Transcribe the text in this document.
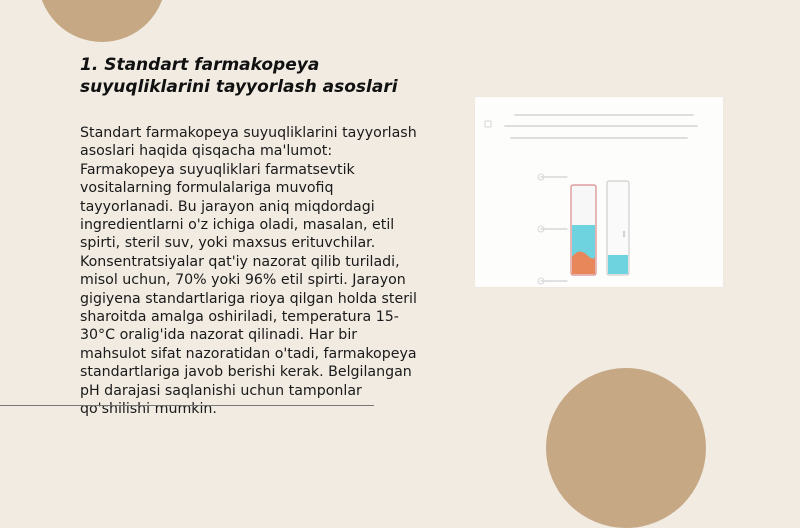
1. Standart farmakopeya suyuqliklarini tayyorlash asoslari

Standart farmakopeya suyuqliklarini tayyorlash asoslari haqida qisqacha ma'lumot: Farmakopeya suyuqliklari farmatsevtik vositalarning formulalariga muvofiq tayyorlanadi. Bu jarayon aniq miqdordagi ingredientlarni o'z ichiga oladi, masalan, etil spirti, steril suv, yoki maxsus erituvchilar. Konsentratsiyalar qat'iy nazorat qilib turiladi, misol uchun, 70% yoki 96% etil spirti. Jarayon gigiyena standartlariga rioya qilgan holda steril sharoitda amalga oshiriladi, temperatura 15-30°C oralig'ida nazorat qilinadi. Har bir mahsulot sifat nazoratidan o'tadi, farmakopeya standartlariga javob berishi kerak. Belgilangan pH darajasi saqlanishi uchun tamponlar qo'shilishi mumkin.
